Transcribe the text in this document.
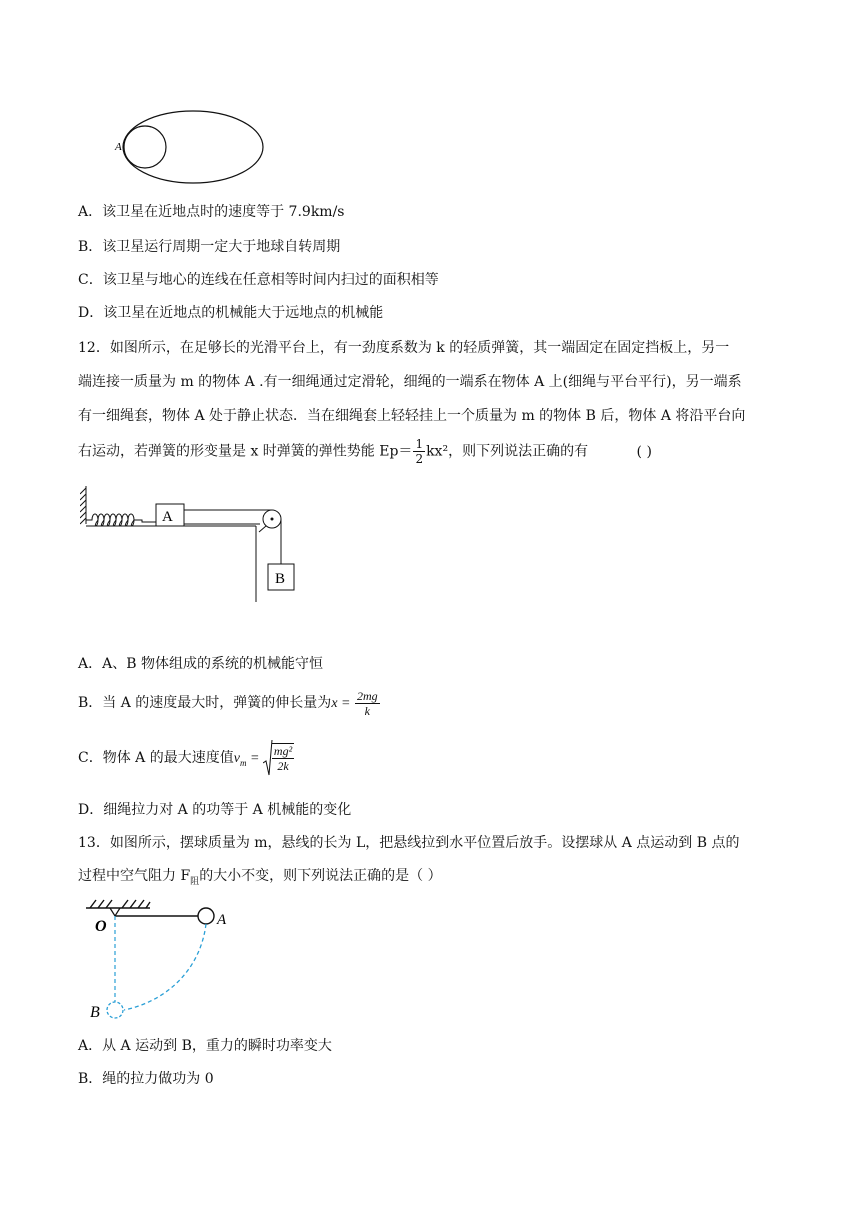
A
A．该卫星在近地点时的速度等于 7.9km/s
B．该卫星运行周期一定大于地球自转周期
C．该卫星与地心的连线在任意相等时间内扫过的面积相等
D．该卫星在近地点的机械能大于远地点的机械能
12．如图所示，在足够长的光滑平台上，有一劲度系数为 k 的轻质弹簧，其一端固定在固定挡板上，另一
端连接一质量为 m 的物体 A .有一细绳通过定滑轮，细绳的一端系在物体 A 上(细绳与平台平行)，另一端系
有一细绳套，物体 A 处于静止状态．当在细绳套上轻轻挂上一个质量为 m 的物体 B 后，物体 A 将沿平台向
右运动，若弹簧的形变量是 x 时弹簧的弹性势能 $Ep= \frac{1}{2} kx^2$，则下列说法正确的有	( )
A
B
A．A、B 物体组成的系统的机械能守恒
B．当 A 的速度最大时，弹簧的伸长量为$x = \frac{2mg}{k}$
C．物体 A 的最大速度值$v_m = \frac{\text{mg²}}{2k}$
D．细绳拉力对 A 的功等于 A 机械能的变化
13．如图所示，摆球质量为 m，悬线的长为 L，把悬线拉到水平位置后放手。设摆球从 A 点运动到 B 点的
过程中空气阻力 $F_阻$的大小不变，则下列说法正确的是（ ）
O	A
B
A．从 A 运动到 B，重力的瞬时功率变大
B．绳的拉力做功为 0
